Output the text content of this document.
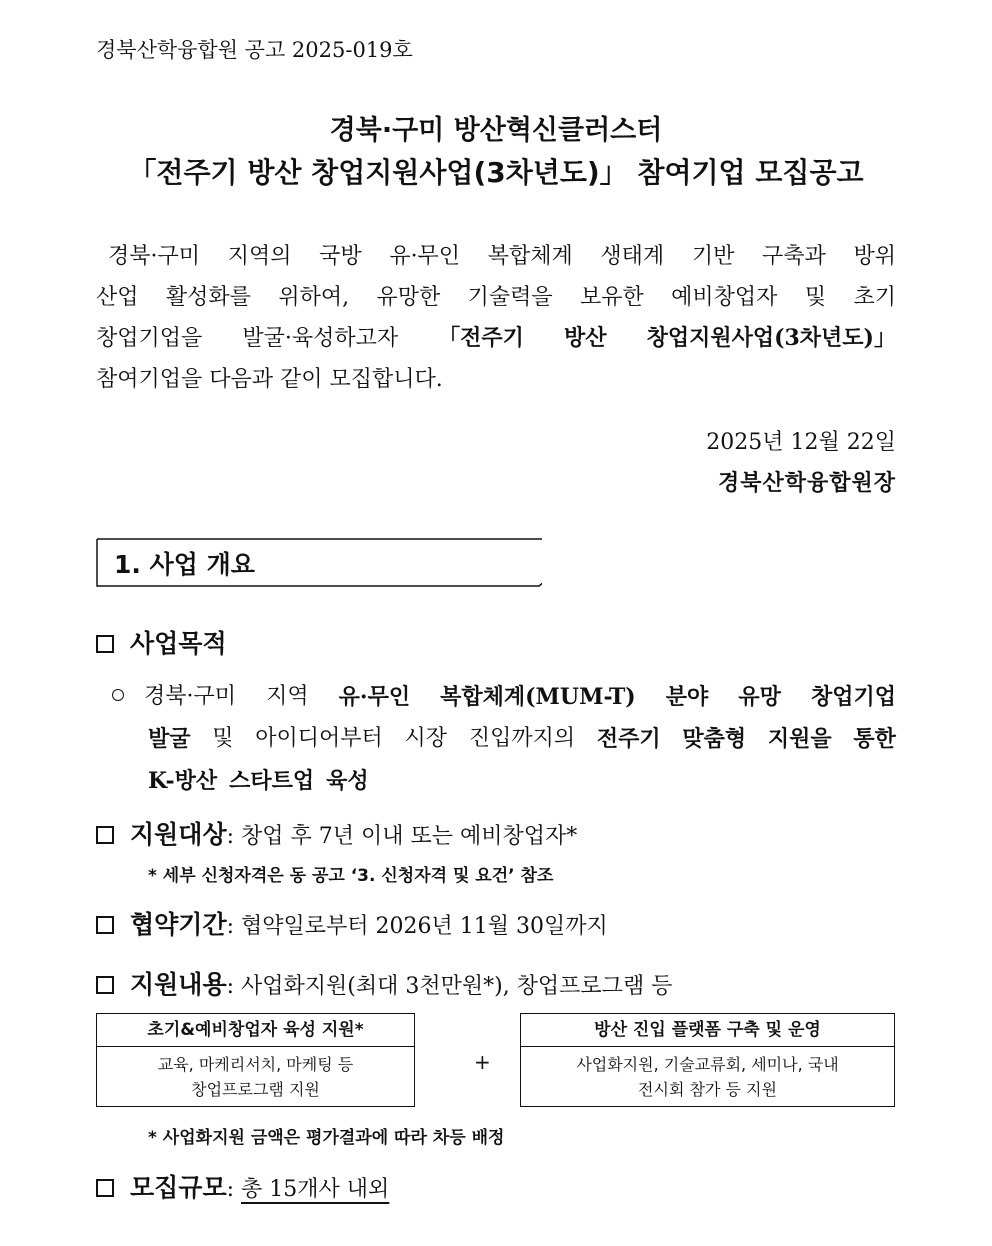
경북산학융합원 공고 2025-019호
경북·구미 방산혁신클러스터
「전주기 방산 창업지원사업(3차년도)」 참여기업 모집공고
경북·구미 지역의 국방 유·무인 복합체계 생태계 기반 구축과 방위
산업 활성화를 위하여, 유망한 기술력을 보유한 예비창업자 및 초기
창업기업을 발굴·육성하고자 「전주기 방산 창업지원사업(3차년도)」
참여기업을 다음과 같이 모집합니다.
2025년 12월 22일
경북산학융합원장
1. 사업 개요
사업목적
경북·구미 지역 유·무인 복합체계(MUM-T) 분야 유망 창업기업
발굴 및 아이디어부터 시장 진입까지의 전주기 맞춤형 지원을 통한
K-방산 스타트업 육성
지원대상: 창업 후 7년 이내 또는 예비창업자*
* 세부 신청자격은 동 공고 ‘3. 신청자격 및 요건’ 참조
협약기간: 협약일로부터 2026년 11월 30일까지
지원내용: 사업화지원(최대 3천만원*), 창업프로그램 등
초기&예비창업자 육성 지원*
교육, 마케리서치, 마케팅 등
창업프로그램 지원
+
방산 진입 플랫폼 구축 및 운영
사업화지원, 기술교류회, 세미나, 국내
전시회 참가 등 지원
* 사업화지원 금액은 평가결과에 따라 차등 배정
모집규모: 총 15개사 내외
